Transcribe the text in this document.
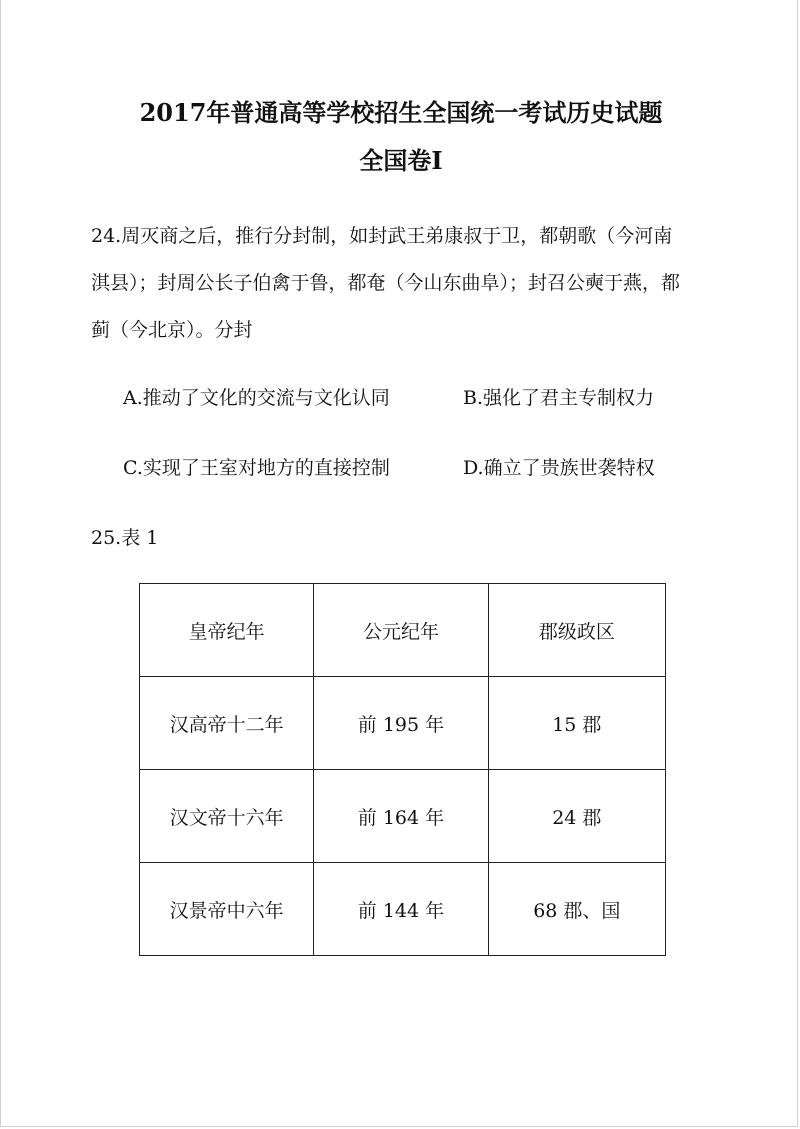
2017年普通高等学校招生全国统一考试历史试题
全国卷Ⅰ
24.周灭商之后，推行分封制，如封武王弟康叔于卫，都朝歌（今河南
淇县）；封周公长子伯禽于鲁，都奄（今山东曲阜）；封召公奭于燕，都
蓟（今北京）。分封
A.推动了文化的交流与文化认同	B.强化了君主专制权力
C.实现了王室对地方的直接控制	D.确立了贵族世袭特权
25.表 1
皇帝纪年	公元纪年	郡级政区
汉高帝十二年	前 195 年	15 郡
汉文帝十六年	前 164 年	24 郡
汉景帝中六年	前 144 年	68 郡、国
